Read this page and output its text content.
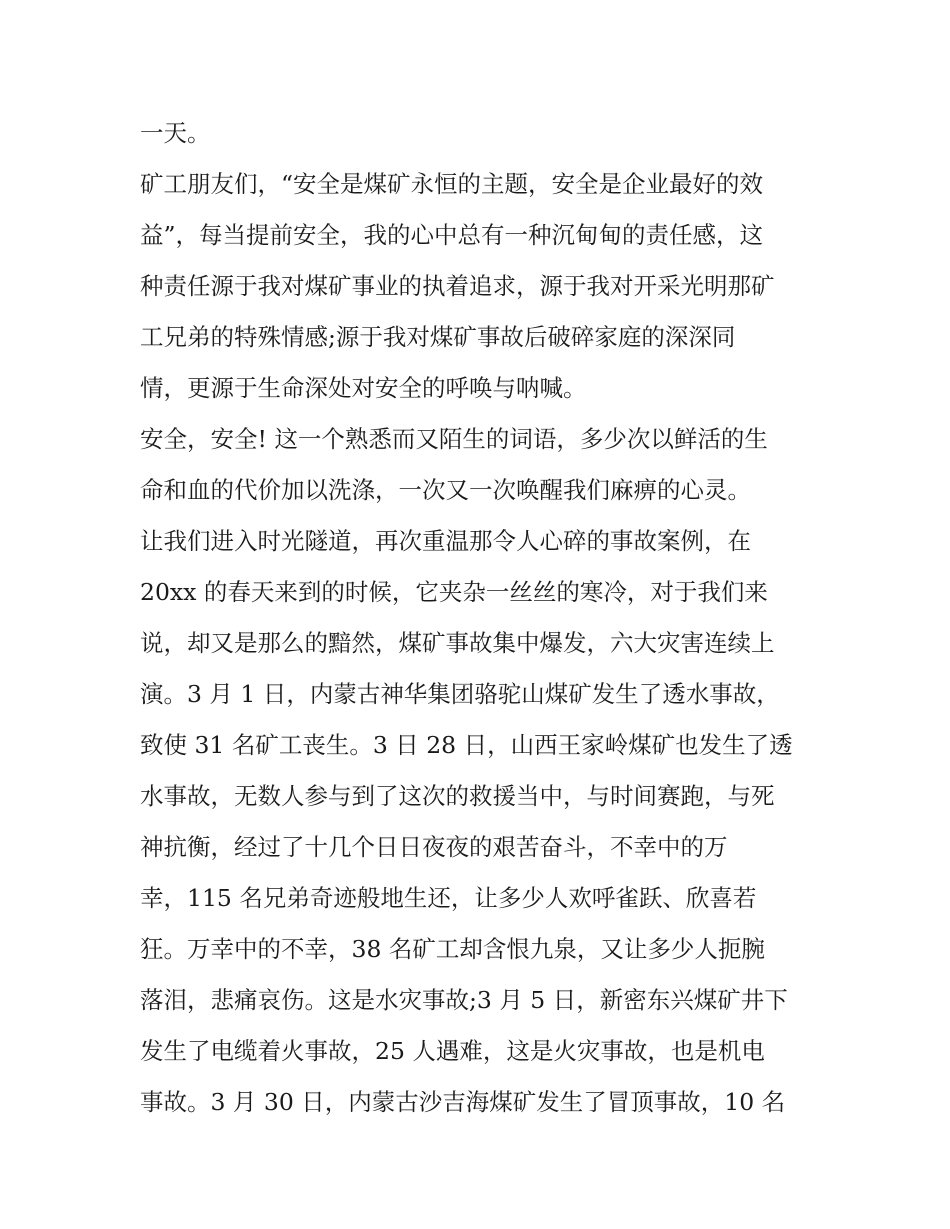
一天。
矿工朋友们，“安全是煤矿永恒的主题，安全是企业最好的效
益”，每当提前安全，我的心中总有一种沉甸甸的责任感，这
种责任源于我对煤矿事业的执着追求，源于我对开采光明那矿
工兄弟的特殊情感;源于我对煤矿事故后破碎家庭的深深同
情，更源于生命深处对安全的呼唤与呐喊。
安全，安全! 这一个熟悉而又陌生的词语，多少次以鲜活的生
命和血的代价加以洗涤，一次又一次唤醒我们麻痹的心灵。
让我们进入时光隧道，再次重温那令人心碎的事故案例，在
20xx 的春天来到的时候，它夹杂一丝丝的寒冷，对于我们来
说，却又是那么的黯然，煤矿事故集中爆发，六大灾害连续上
演。3 月 1 日，内蒙古神华集团骆驼山煤矿发生了透水事故，
致使 31 名矿工丧生。3 日 28 日，山西王家岭煤矿也发生了透
水事故，无数人参与到了这次的救援当中，与时间赛跑，与死
神抗衡，经过了十几个日日夜夜的艰苦奋斗，不幸中的万
幸，115 名兄弟奇迹般地生还，让多少人欢呼雀跃、欣喜若
狂。万幸中的不幸，38 名矿工却含恨九泉，又让多少人扼腕
落泪，悲痛哀伤。这是水灾事故;3 月 5 日，新密东兴煤矿井下
发生了电缆着火事故，25 人遇难，这是火灾事故，也是机电
事故。3 月 30 日，内蒙古沙吉海煤矿发生了冒顶事故，10 名
